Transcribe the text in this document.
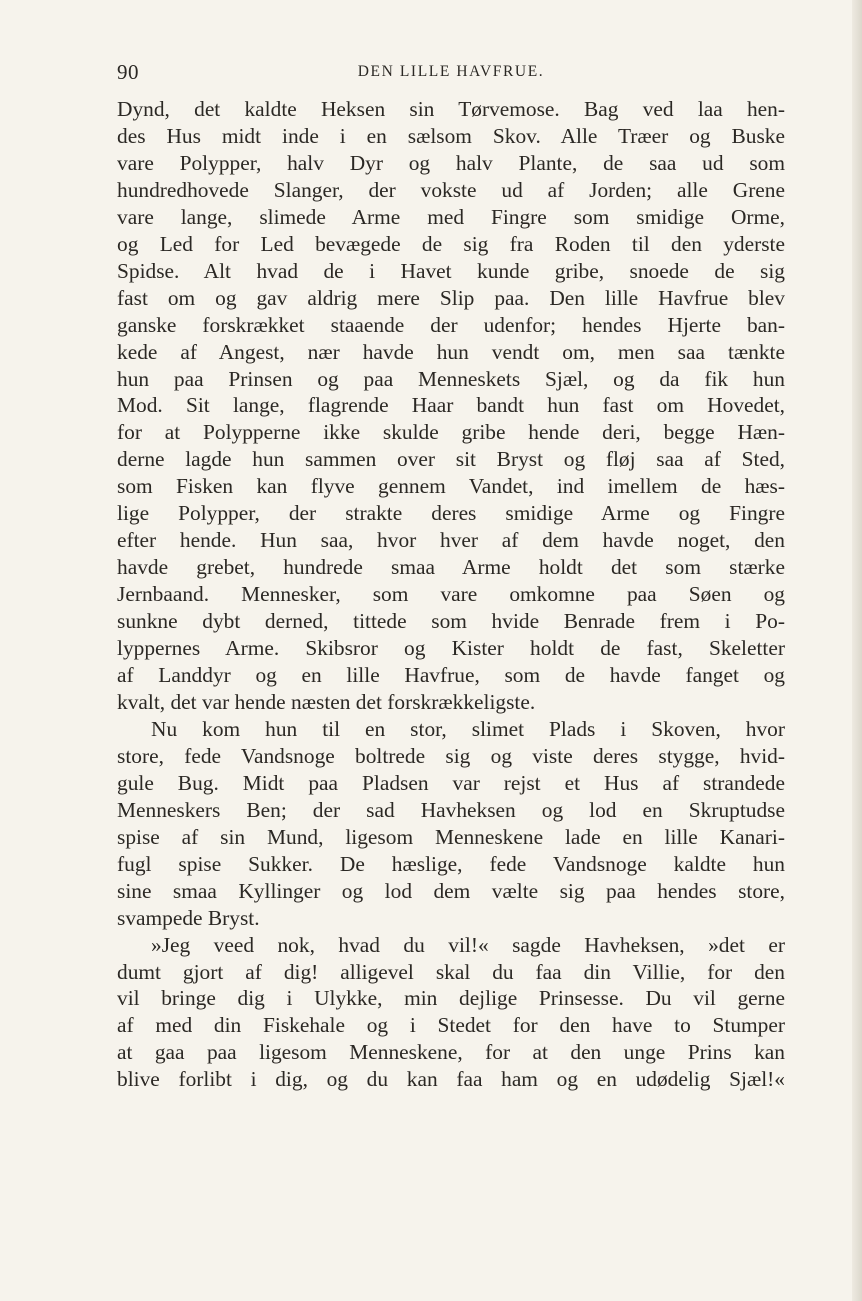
90	DEN LILLE HAVFRUE.
Dynd, det kaldte Heksen sin Tørvemose. Bag ved laa hen-
des Hus midt inde i en sælsom Skov. Alle Træer og Buske
vare Polypper, halv Dyr og halv Plante, de saa ud som
hundredhovede Slanger, der vokste ud af Jorden; alle Grene
vare lange, slimede Arme med Fingre som smidige Orme,
og Led for Led bevægede de sig fra Roden til den yderste
Spidse. Alt hvad de i Havet kunde gribe, snoede de sig
fast om og gav aldrig mere Slip paa. Den lille Havfrue blev
ganske forskrækket staaende der udenfor; hendes Hjerte ban-
kede af Angest, nær havde hun vendt om, men saa tænkte
hun paa Prinsen og paa Menneskets Sjæl, og da fik hun
Mod. Sit lange, flagrende Haar bandt hun fast om Hovedet,
for at Polypperne ikke skulde gribe hende deri, begge Hæn-
derne lagde hun sammen over sit Bryst og fløj saa af Sted,
som Fisken kan flyve gennem Vandet, ind imellem de hæs-
lige Polypper, der strakte deres smidige Arme og Fingre
efter hende. Hun saa, hvor hver af dem havde noget, den
havde grebet, hundrede smaa Arme holdt det som stærke
Jernbaand. Mennesker, som vare omkomne paa Søen og
sunkne dybt derned, tittede som hvide Benrade frem i Po-
lyppernes Arme. Skibsror og Kister holdt de fast, Skeletter
af Landdyr og en lille Havfrue, som de havde fanget og
kvalt, det var hende næsten det forskrækkeligste.
Nu kom hun til en stor, slimet Plads i Skoven, hvor
store, fede Vandsnoge boltrede sig og viste deres stygge, hvid-
gule Bug. Midt paa Pladsen var rejst et Hus af strandede
Menneskers Ben; der sad Havheksen og lod en Skruptudse
spise af sin Mund, ligesom Menneskene lade en lille Kanari-
fugl spise Sukker. De hæslige, fede Vandsnoge kaldte hun
sine smaa Kyllinger og lod dem vælte sig paa hendes store,
svampede Bryst.
»Jeg veed nok, hvad du vil!« sagde Havheksen, »det er
dumt gjort af dig! alligevel skal du faa din Villie, for den
vil bringe dig i Ulykke, min dejlige Prinsesse. Du vil gerne
af med din Fiskehale og i Stedet for den have to Stumper
at gaa paa ligesom Menneskene, for at den unge Prins kan
blive forlibt i dig, og du kan faa ham og en udødelig Sjæl!«
